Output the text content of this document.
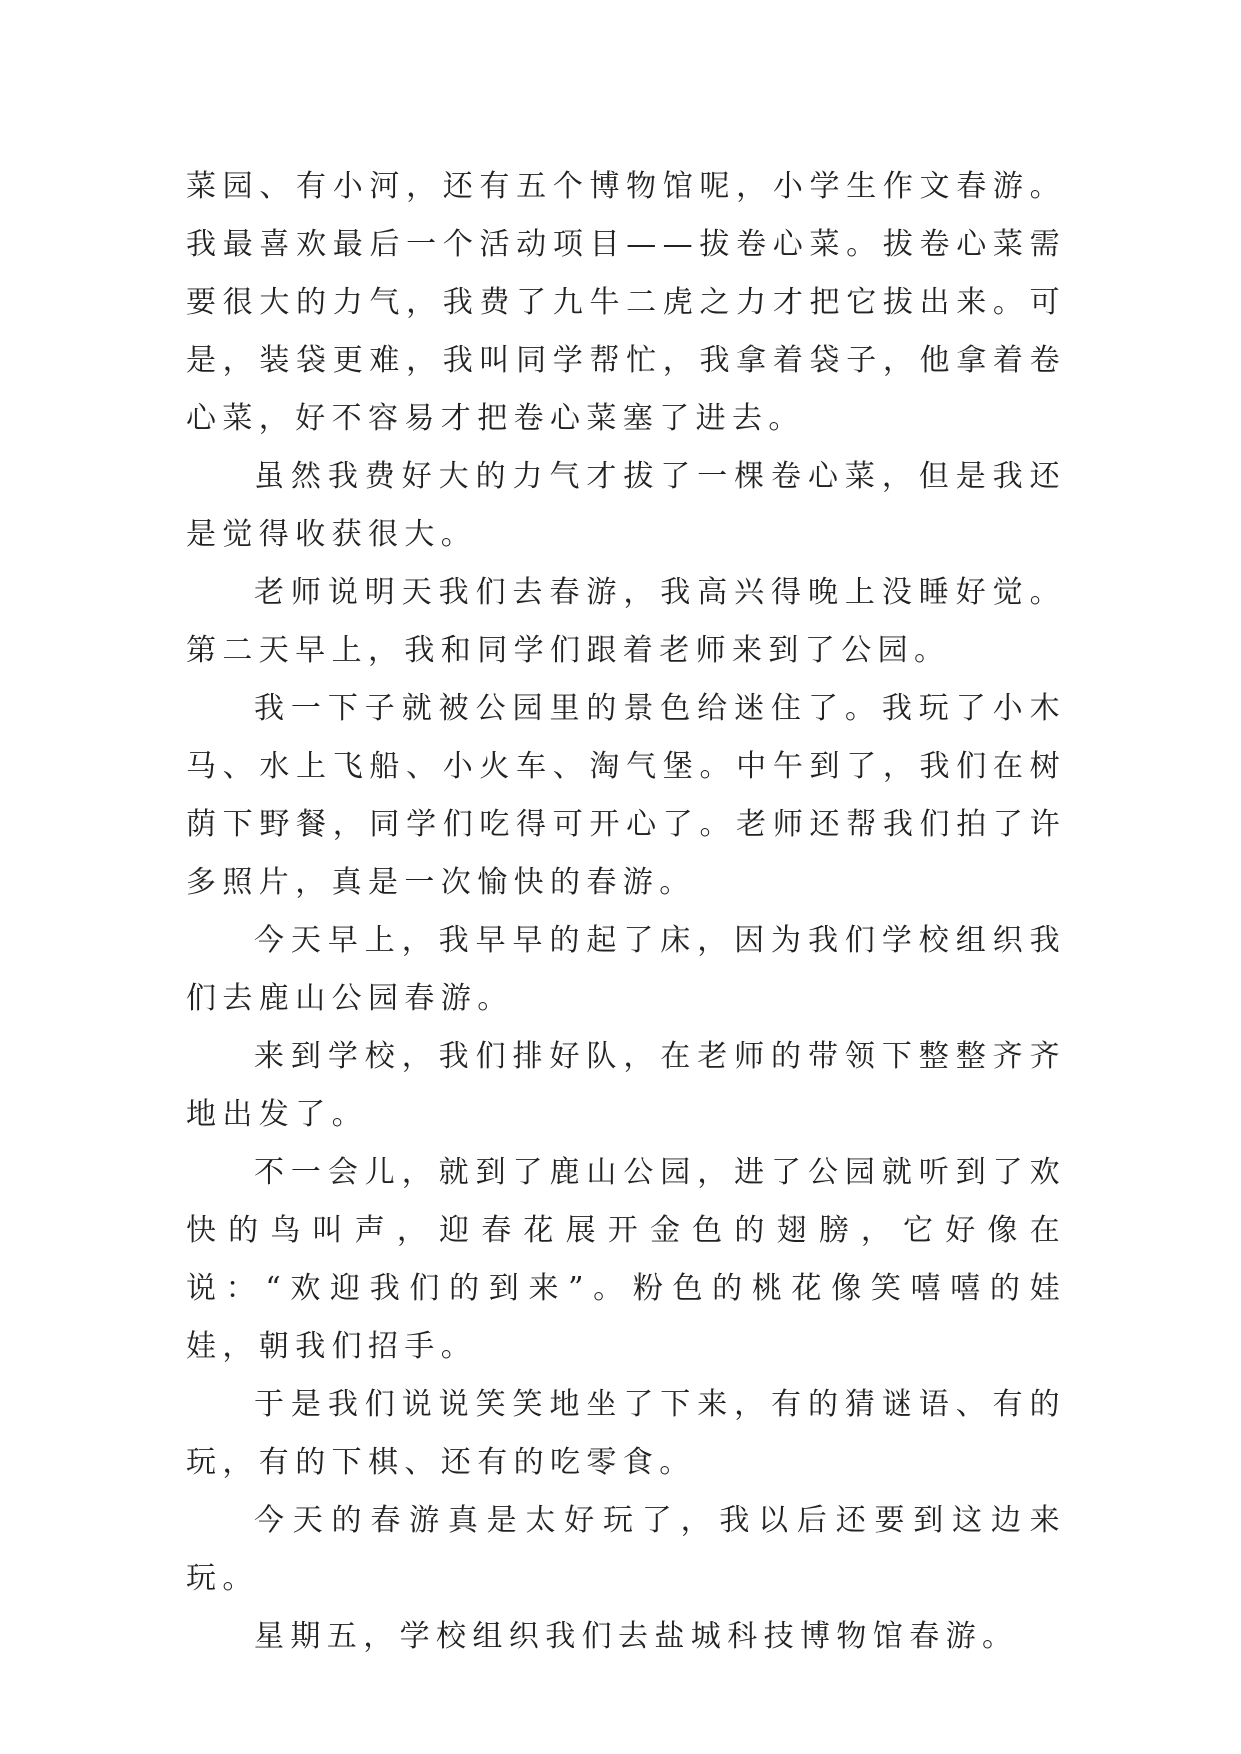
菜园、有小河，还有五个博物馆呢，小学生作文春游。我最喜欢最后一个活动项目——拔卷心菜。拔卷心菜需要很大的力气，我费了九牛二虎之力才把它拔出来。可是，装袋更难，我叫同学帮忙，我拿着袋子，他拿着卷心菜，好不容易才把卷心菜塞了进去。

虽然我费好大的力气才拔了一棵卷心菜，但是我还是觉得收获很大。

老师说明天我们去春游，我高兴得晚上没睡好觉。第二天早上，我和同学们跟着老师来到了公园。

我一下子就被公园里的景色给迷住了。我玩了小木马、水上飞船、小火车、淘气堡。中午到了，我们在树荫下野餐，同学们吃得可开心了。老师还帮我们拍了许多照片，真是一次愉快的春游。

今天早上，我早早的起了床，因为我们学校组织我们去鹿山公园春游。

来到学校，我们排好队，在老师的带领下整整齐齐地出发了。

不一会儿，就到了鹿山公园，进了公园就听到了欢快的鸟叫声，迎春花展开金色的翅膀，它好像在说：“欢迎我们的到来”。粉色的桃花像笑嘻嘻的娃娃，朝我们招手。

于是我们说说笑笑地坐了下来，有的猜谜语、有的玩，有的下棋、还有的吃零食。

今天的春游真是太好玩了，我以后还要到这边来玩。

星期五，学校组织我们去盐城科技博物馆春游。
